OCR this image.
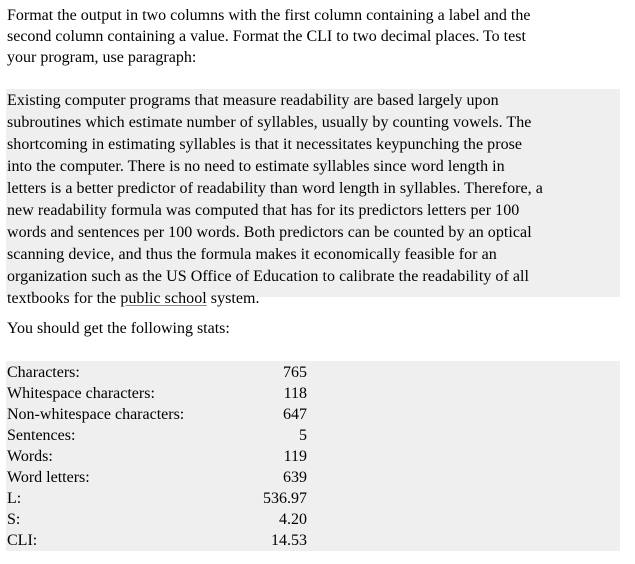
Format the output in two columns with the first column containing a label and the
second column containing a value. Format the CLI to two decimal places. To test
your program, use paragraph:
Existing computer programs that measure readability are based largely upon
subroutines which estimate number of syllables, usually by counting vowels. The
shortcoming in estimating syllables is that it necessitates keypunching the prose
into the computer. There is no need to estimate syllables since word length in
letters is a better predictor of readability than word length in syllables. Therefore, a
new readability formula was computed that has for its predictors letters per 100
words and sentences per 100 words. Both predictors can be counted by an optical
scanning device, and thus the formula makes it economically feasible for an
organization such as the US Office of Education to calibrate the readability of all
textbooks for the public school system.

You should get the following stats:

Characters:	765
Whitespace characters:	118
Non-whitespace characters:	647
Sentences:	5
Words:	119
Word letters:	639
L:	536.97
S:	4.20
CLI:	14.53
